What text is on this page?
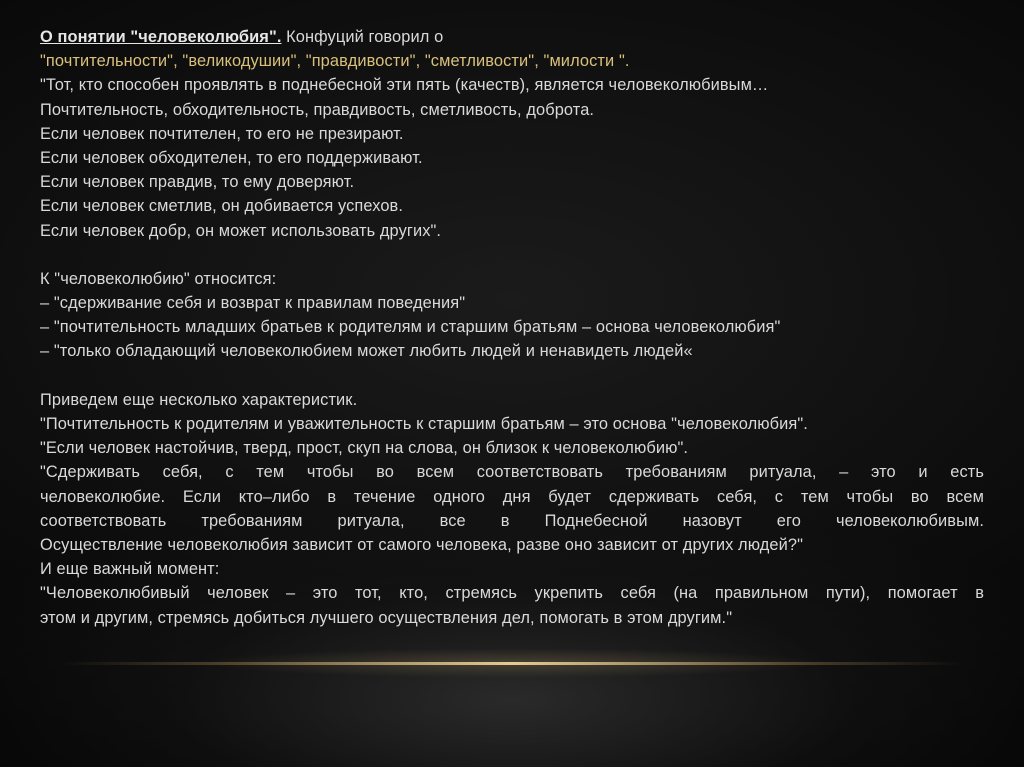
О понятии "человеколюбия". Конфуций говорил о
"почтительности", "великодушии", "правдивости", "сметливости", "милости ".
"Тот, кто способен проявлять в поднебесной эти пять (качеств), является человеколюбивым…
Почтительность, обходительность, правдивость, сметливость, доброта.
Если человек почтителен, то его не презирают.
Если человек обходителен, то его поддерживают.
Если человек правдив, то ему доверяют.
Если человек сметлив, он добивается успехов.
Если человек добр, он может использовать других".
К "человеколюбию" относится:
– "сдерживание себя и возврат к правилам поведения"
– "почтительность младших братьев к родителям и старшим братьям – основа человеколюбия"
– "только обладающий человеколюбием может любить людей и ненавидеть людей«
Приведем еще несколько характеристик.
"Почтительность к родителям и уважительность к старшим братьям – это основа "человеколюбия".
"Если человек настойчив, тверд, прост, скуп на слова, он близок к человеколюбию".
"Сдерживать себя, с тем чтобы во всем соответствовать требованиям ритуала, – это и есть
человеколюбие. Если кто–либо в течение одного дня будет сдерживать себя, с тем чтобы во всем
соответствовать требованиям ритуала, все в Поднебесной назовут его человеколюбивым.
Осуществление человеколюбия зависит от самого человека, разве оно зависит от других людей?"
И еще важный момент:
"Человеколюбивый человек – это тот, кто, стремясь укрепить себя (на правильном пути), помогает в
этом и другим, стремясь добиться лучшего осуществления дел, помогать в этом другим."
